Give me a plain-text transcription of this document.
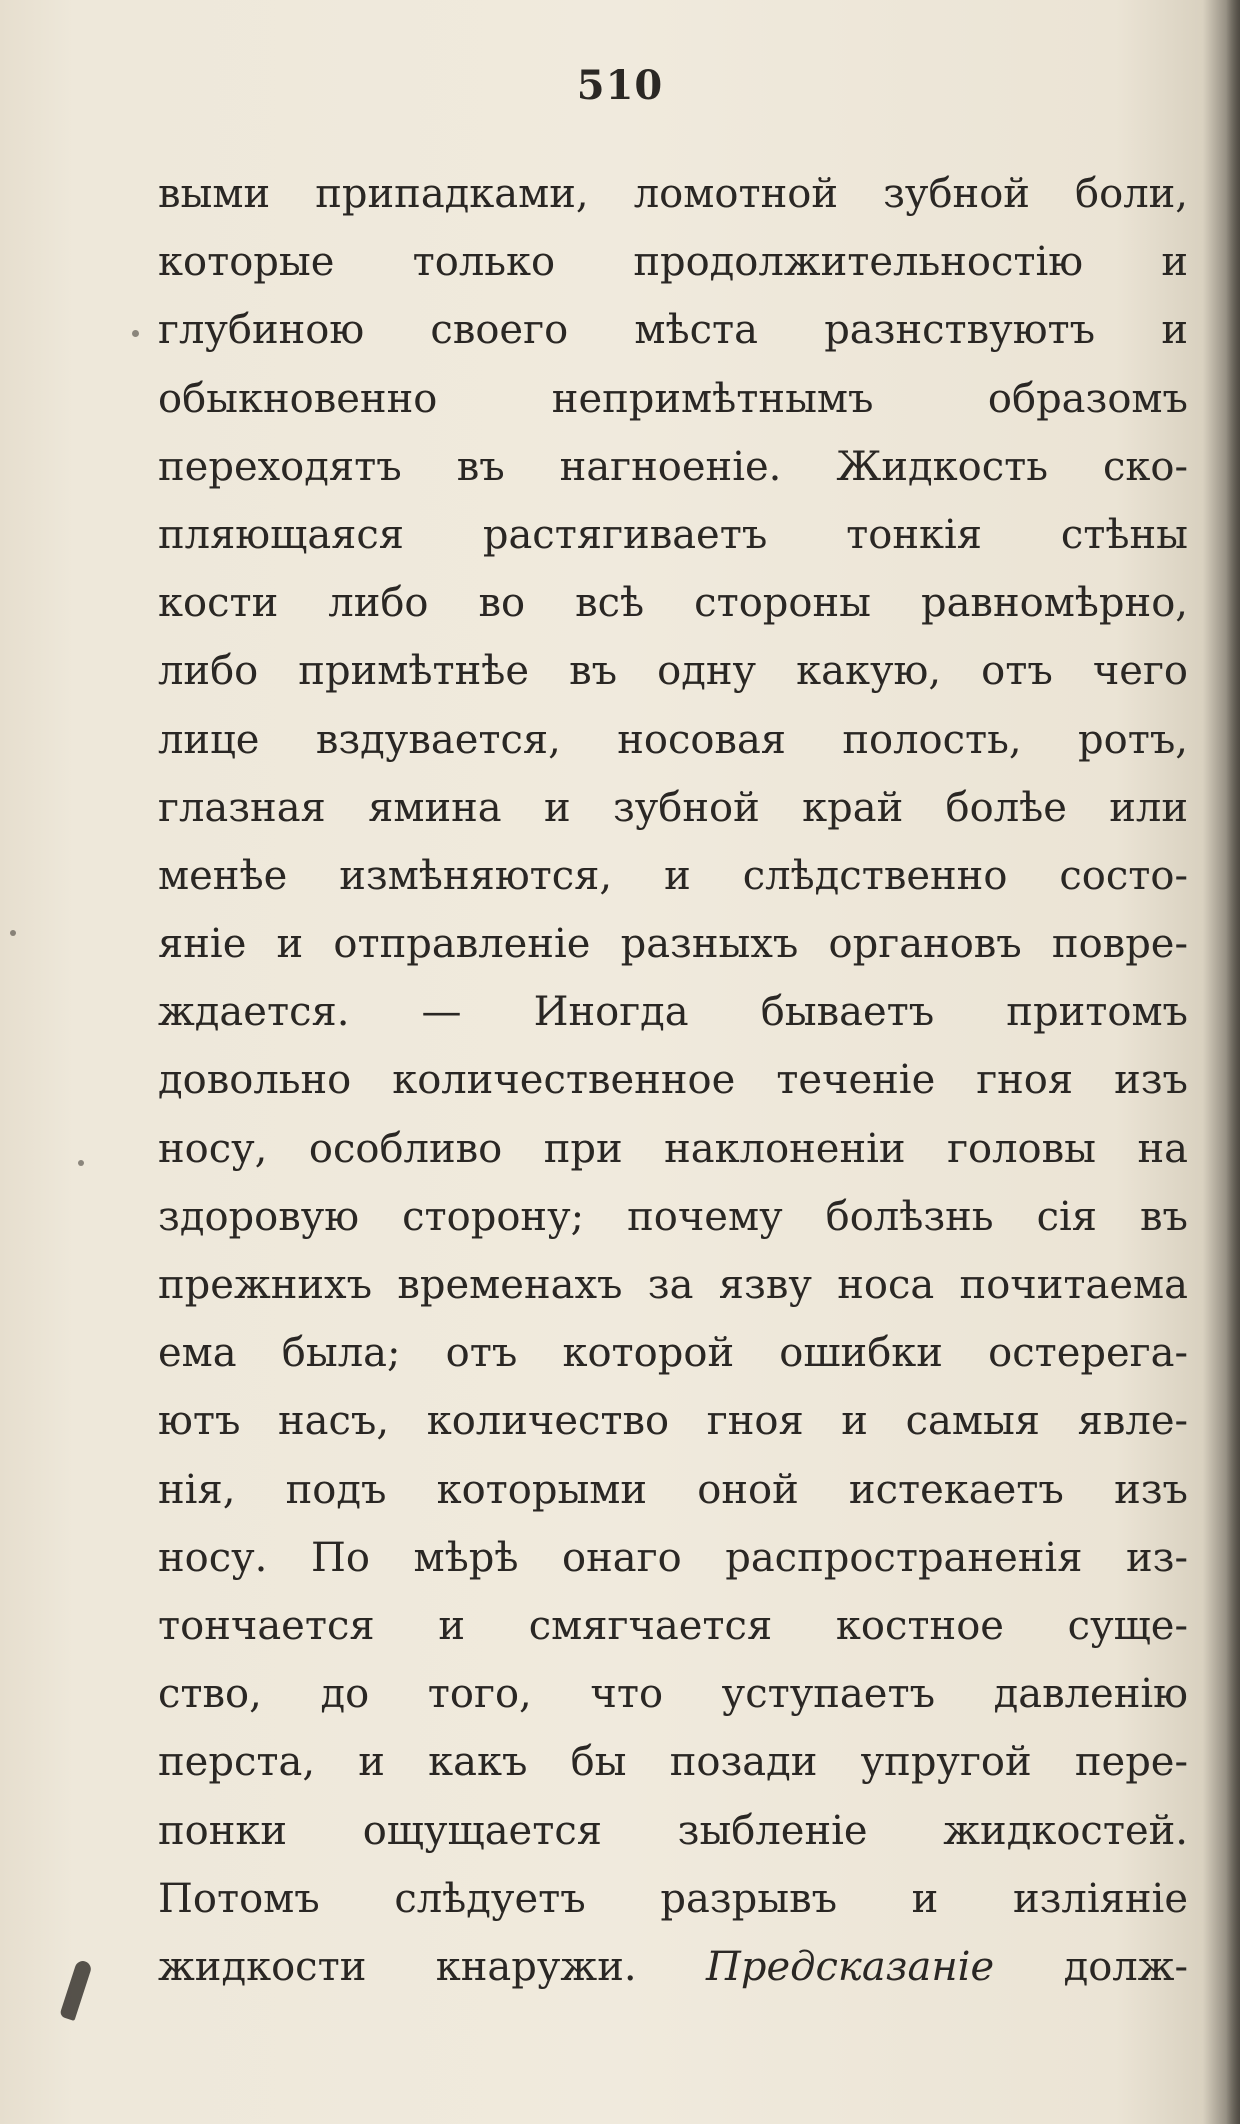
510
выми припадками, ломотной зубной боли,
которые только продолжительностію и
глубиною своего мѣста разнствуютъ и
обыкновенно непримѣтнымъ образомъ
переходятъ въ нагноеніе. Жидкость ско-
пляющаяся растягиваетъ тонкія стѣны
кости либо во всѣ стороны равномѣрно,
либо примѣтнѣе въ одну какую, отъ чего
лице вздувается, носовая полость, ротъ,
глазная ямина и зубной край болѣе или
менѣе измѣняются, и слѣдственно состо-
яніе и отправленіе разныхъ органовъ повре-
ждается. — Иногда бываетъ притомъ
довольно количественное теченіе гноя изъ
носу, особливо при наклоненіи головы на
здоровую сторону; почему болѣзнь сія въ
прежнихъ временахъ за язву носа почитаема
ема была; отъ которой ошибки остерега-
ютъ насъ, количество гноя и самыя явле-
нія, подъ которыми оной истекаетъ изъ
носу. По мѣрѣ онаго распространенія из-
тончается и смягчается костное суще-
ство, до того, что уступаетъ давленію
перста, и какъ бы позади упругой пере-
понки ощущается зыбленіе жидкостей.
Потомъ слѣдуетъ разрывъ и изліяніе
жидкости кнаружи. Предсказаніе долж-
